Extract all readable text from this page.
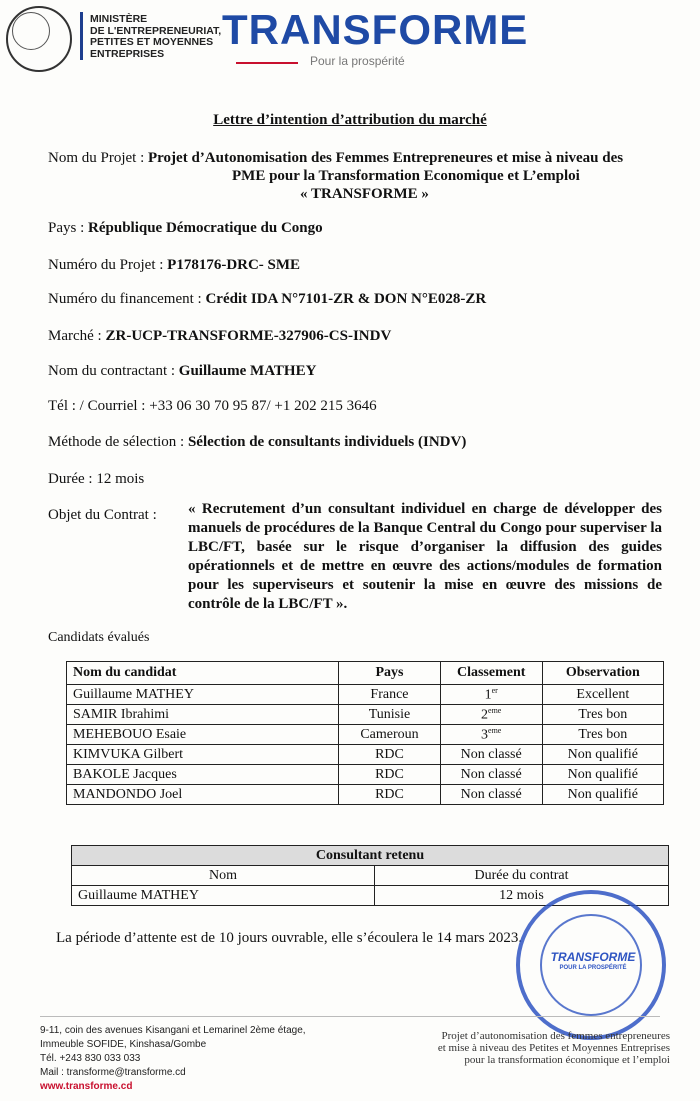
MINISTÈRE
DE L'ENTREPRENEURIAT,
PETITES ET MOYENNES
ENTREPRISES
TRANSFORME
Pour la prospérité
Lettre d’intention d’attribution du marché
Nom du Projet : Projet d’Autonomisation des Femmes Entrepreneures et mise à niveau des
PME pour la Transformation Economique et L’emploi
« TRANSFORME »
Pays : République Démocratique du Congo
Numéro du Projet : P178176-DRC- SME
Numéro du financement : Crédit IDA N°7101-ZR & DON N°E028-ZR
Marché : ZR-UCP-TRANSFORME-327906-CS-INDV
Nom du contractant : Guillaume MATHEY
Tél : / Courriel : +33 06 30 70 95 87/ +1 202 215 3646
Méthode de sélection : Sélection de consultants individuels (INDV)
Durée : 12 mois
Objet du Contrat : « Recrutement d’un consultant individuel en charge de développer des manuels de procédures de la Banque Central du Congo pour superviser la LBC/FT, basée sur le risque d’organiser la diffusion des guides opérationnels et de mettre en œuvre des actions/modules de formation pour les superviseurs et soutenir la mise en œuvre des missions de contrôle de la LBC/FT ».
Candidats évalués
Nom du candidat	Pays	Classement	Observation
Guillaume MATHEY	France	1er	Excellent
SAMIR Ibrahimi	Tunisie	2eme	Tres bon
MEHEBOUO Esaie	Cameroun	3eme	Tres bon
KIMVUKA Gilbert	RDC	Non classé	Non qualifié
BAKOLE Jacques	RDC	Non classé	Non qualifié
MANDONDO Joel	RDC	Non classé	Non qualifié
Consultant retenu	
Nom	Durée du contrat
Guillaume MATHEY	12 mois
La période d’attente est de 10 jours ouvrable, elle s’écoulera le 14 mars 2023.
TRANSFORME
POUR LA PROSPÉRITÉ
9-11, coin des avenues Kisangani et Lemarinel 2ème étage,
Immeuble SOFIDE, Kinshasa/Gombe
Tél. +243 830 033 033
Mail : transforme@transforme.cd
www.transforme.cd
Projet d’autonomisation des femmes entrepreneures
et mise à niveau des Petites et Moyennes Entreprises
pour la transformation économique et l’emploi
